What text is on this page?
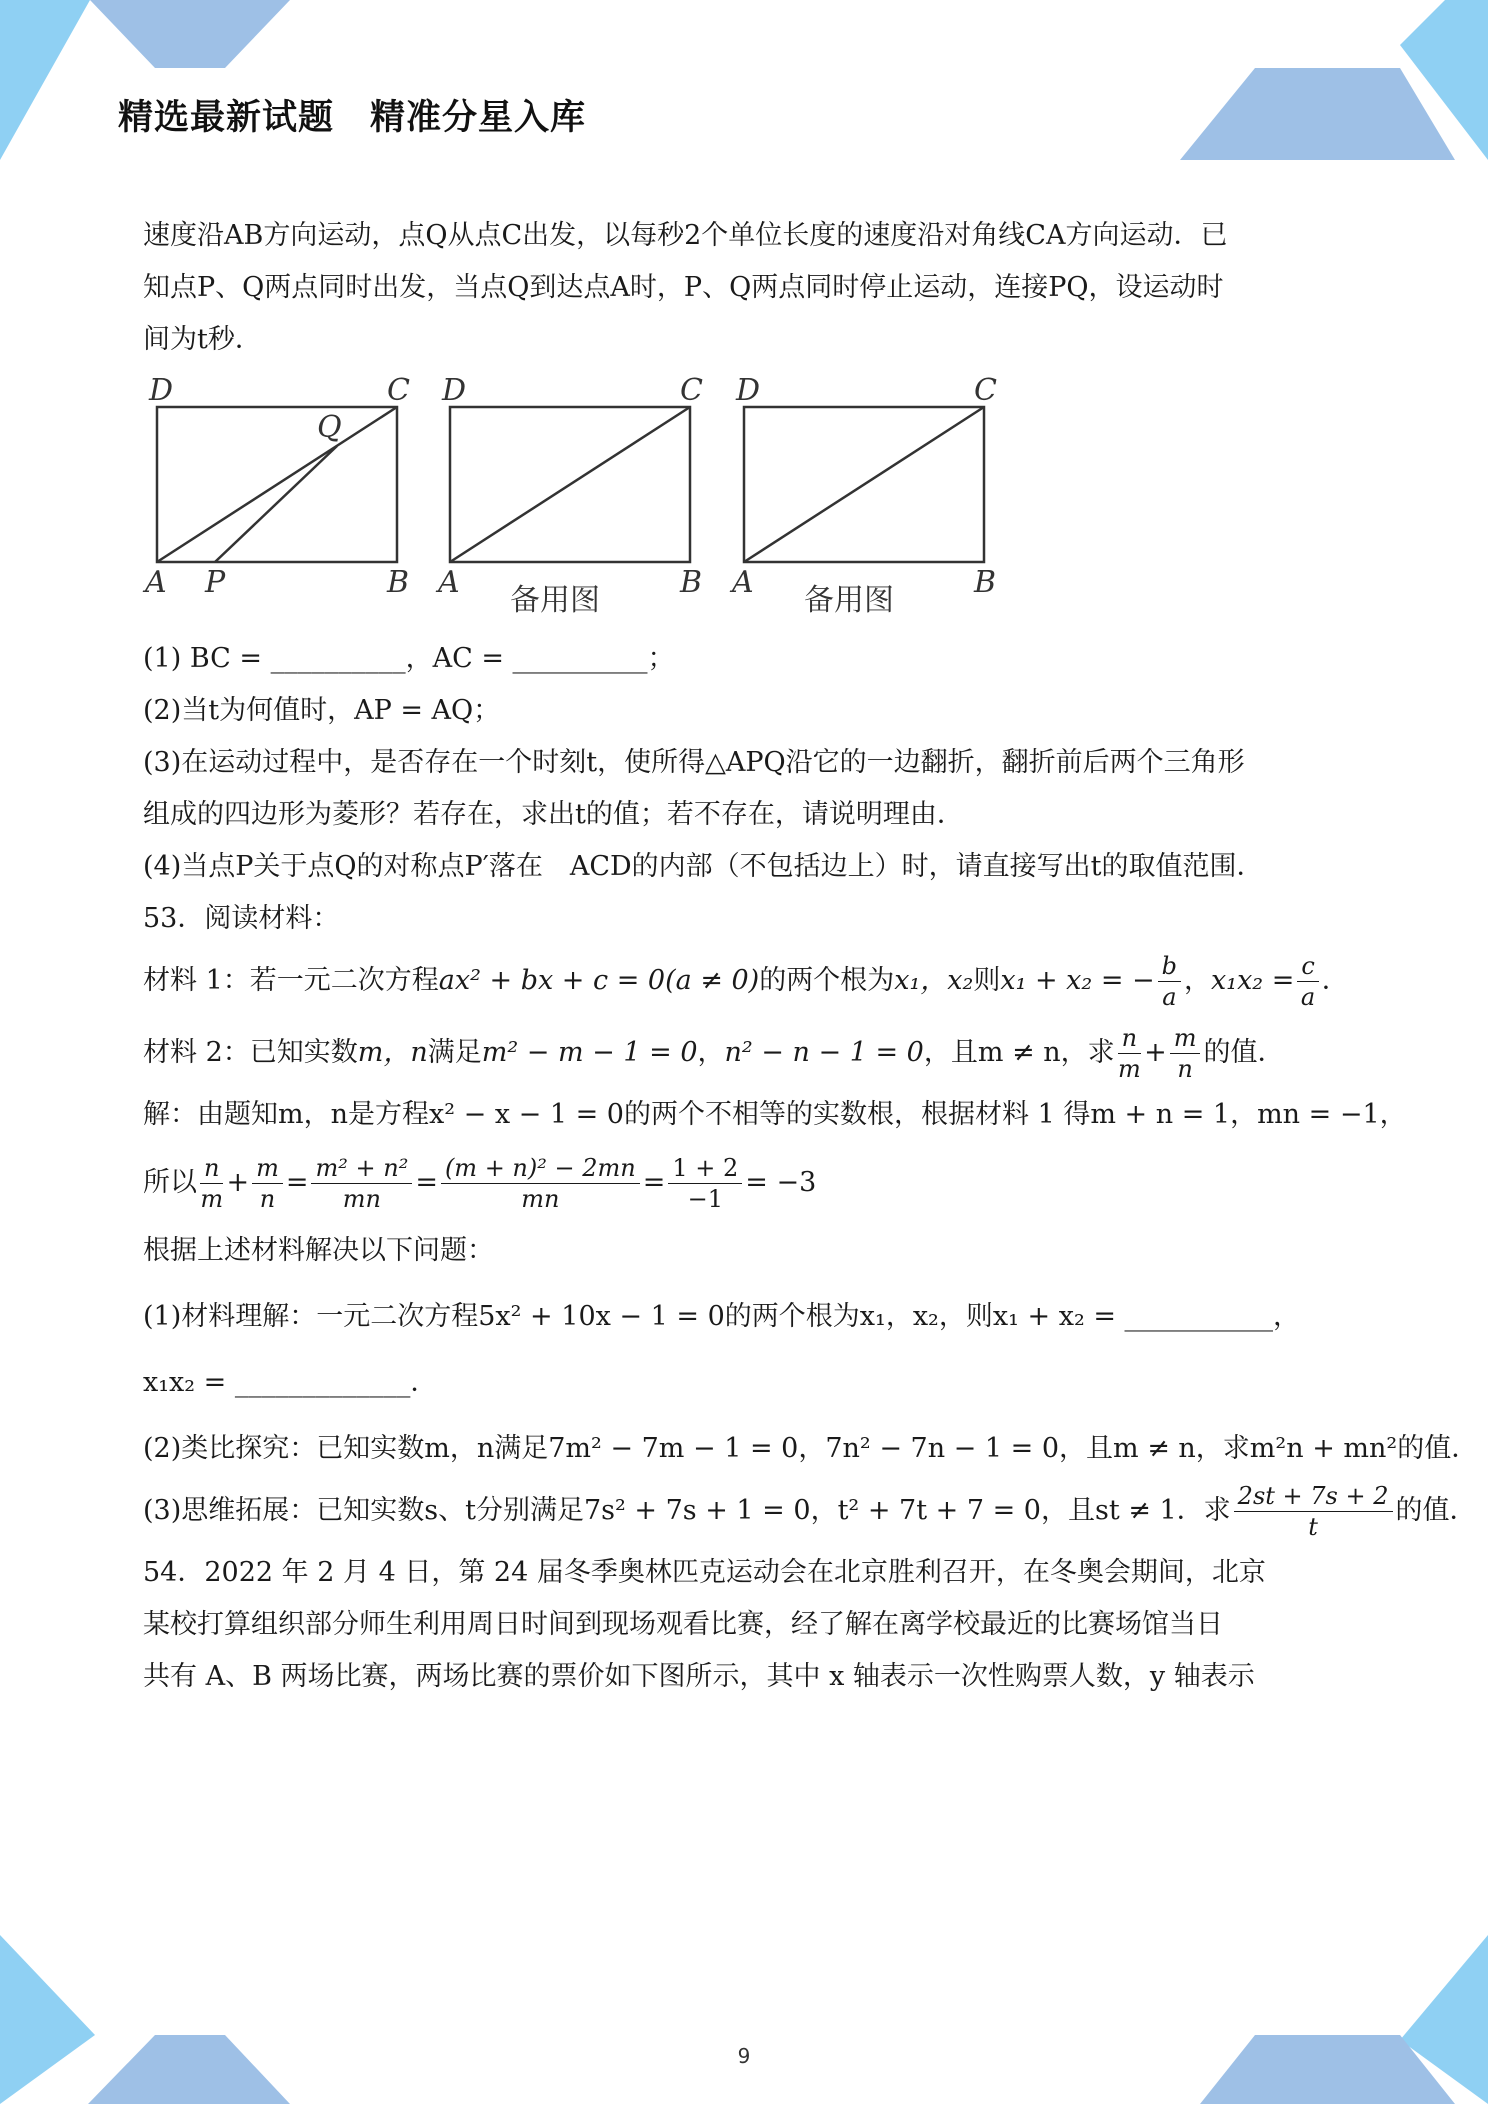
精选最新试题　精准分星入库

速度沿AB方向运动，点Q从点C出发，以每秒2个单位长度的速度沿对角线CA方向运动．已

知点P、Q两点同时出发，当点Q到达点A时，P、Q两点同时停止运动，连接PQ，设运动时

间为t秒．

D	C
Q
A P	B
D	C
A	B
备用图
D	C
A	B
备用图

(1) BC = __________，AC = __________；

(2)当t为何值时，AP = AQ；

(3)在运动过程中，是否存在一个时刻t，使所得△APQ沿它的一边翻折，翻折前后两个三角形

组成的四边形为菱形？若存在，求出t的值；若不存在，请说明理由．

(4)当点P关于点Q的对称点P′落在　ACD的内部（不包括边上）时，请直接写出t的取值范围．

53．阅读材料：

材料 1：若一元二次方程ax² + bx + c = 0(a ≠ 0)的两个根为x₁，x₂则x₁ + x₂ = − $\frac{b}{a}$ ，$x_1x_2 = \frac{c}{a}$ ．

材料 2：已知实数m，n满足m² − m − 1 = 0，n² − n − 1 = 0，且m ≠ n，求 $\frac{n}{m} + \frac{m}{n}$ 的值．

解：由题知m，n是方程x² − x − 1 = 0的两个不相等的实数根，根据材料 1 得m + n = 1，mn = −1，

所以 $\frac{n}{m} + \frac{m}{n} = \frac{\text{m² + n²}}{mn} = \frac{\text{(m + n)² − 2mn}}{mn} = \frac{1 + 2}{-1} = -3$

根据上述材料解决以下问题：

(1)材料理解：一元二次方程5x² + 10x − 1 = 0的两个根为x₁，x₂，则x₁ + x₂ = ___________，

x₁x₂ = _____________．

(2)类比探究：已知实数m，n满足7m² − 7m − 1 = 0，7n² − 7n − 1 = 0，且m ≠ n，求m²n + mn²的值．

(3)思维拓展：已知实数s、t分别满足7s² + 7s + 1 = 0，t² + 7t + 7 = 0，且st ≠ 1．求 $\frac{2st + 7s + 2}{t}$ 的值．

54．2022 年 2 月 4 日，第 24 届冬季奥林匹克运动会在北京胜利召开，在冬奥会期间，北京

某校打算组织部分师生利用周日时间到现场观看比赛，经了解在离学校最近的比赛场馆当日

共有 A、B 两场比赛，两场比赛的票价如下图所示，其中 x 轴表示一次性购票人数，y 轴表示

9
